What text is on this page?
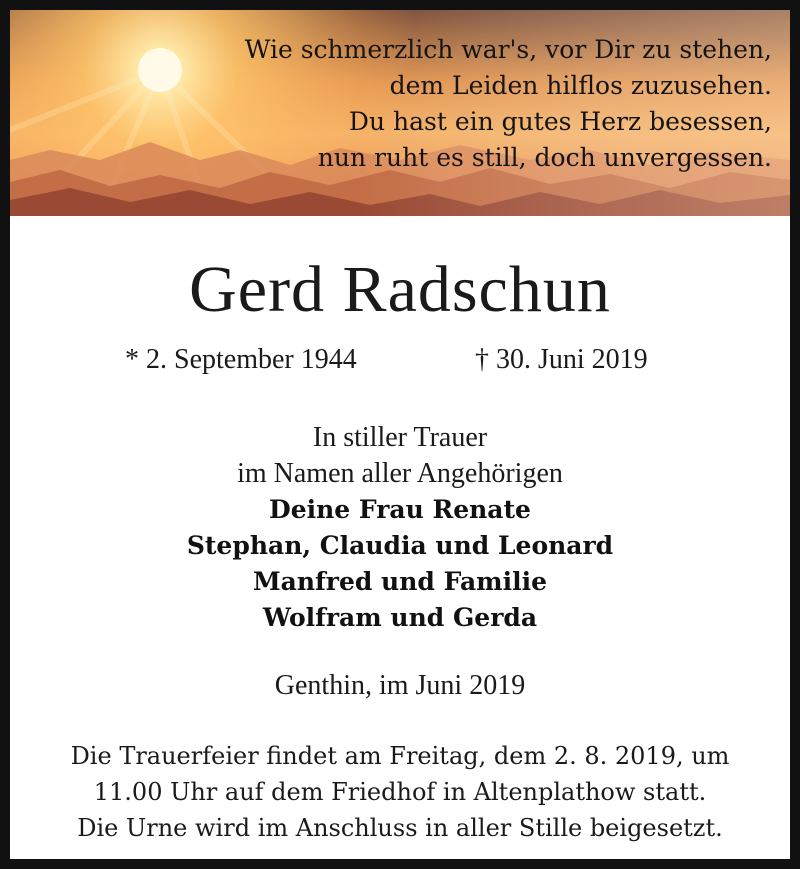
Wie schmerzlich war's, vor Dir zu stehen,
dem Leiden hilflos zuzusehen.
Du hast ein gutes Herz besessen,
nun ruht es still, doch unvergessen.
Gerd Radschun
* 2. September 1944	† 30. Juni 2019
In stiller Trauer
im Namen aller Angehörigen
Deine Frau Renate
Stephan, Claudia und Leonard
Manfred und Familie
Wolfram und Gerda
Genthin, im Juni 2019
Die Trauerfeier findet am Freitag, dem 2. 8. 2019, um
11.00 Uhr auf dem Friedhof in Altenplathow statt.
Die Urne wird im Anschluss in aller Stille beigesetzt.
